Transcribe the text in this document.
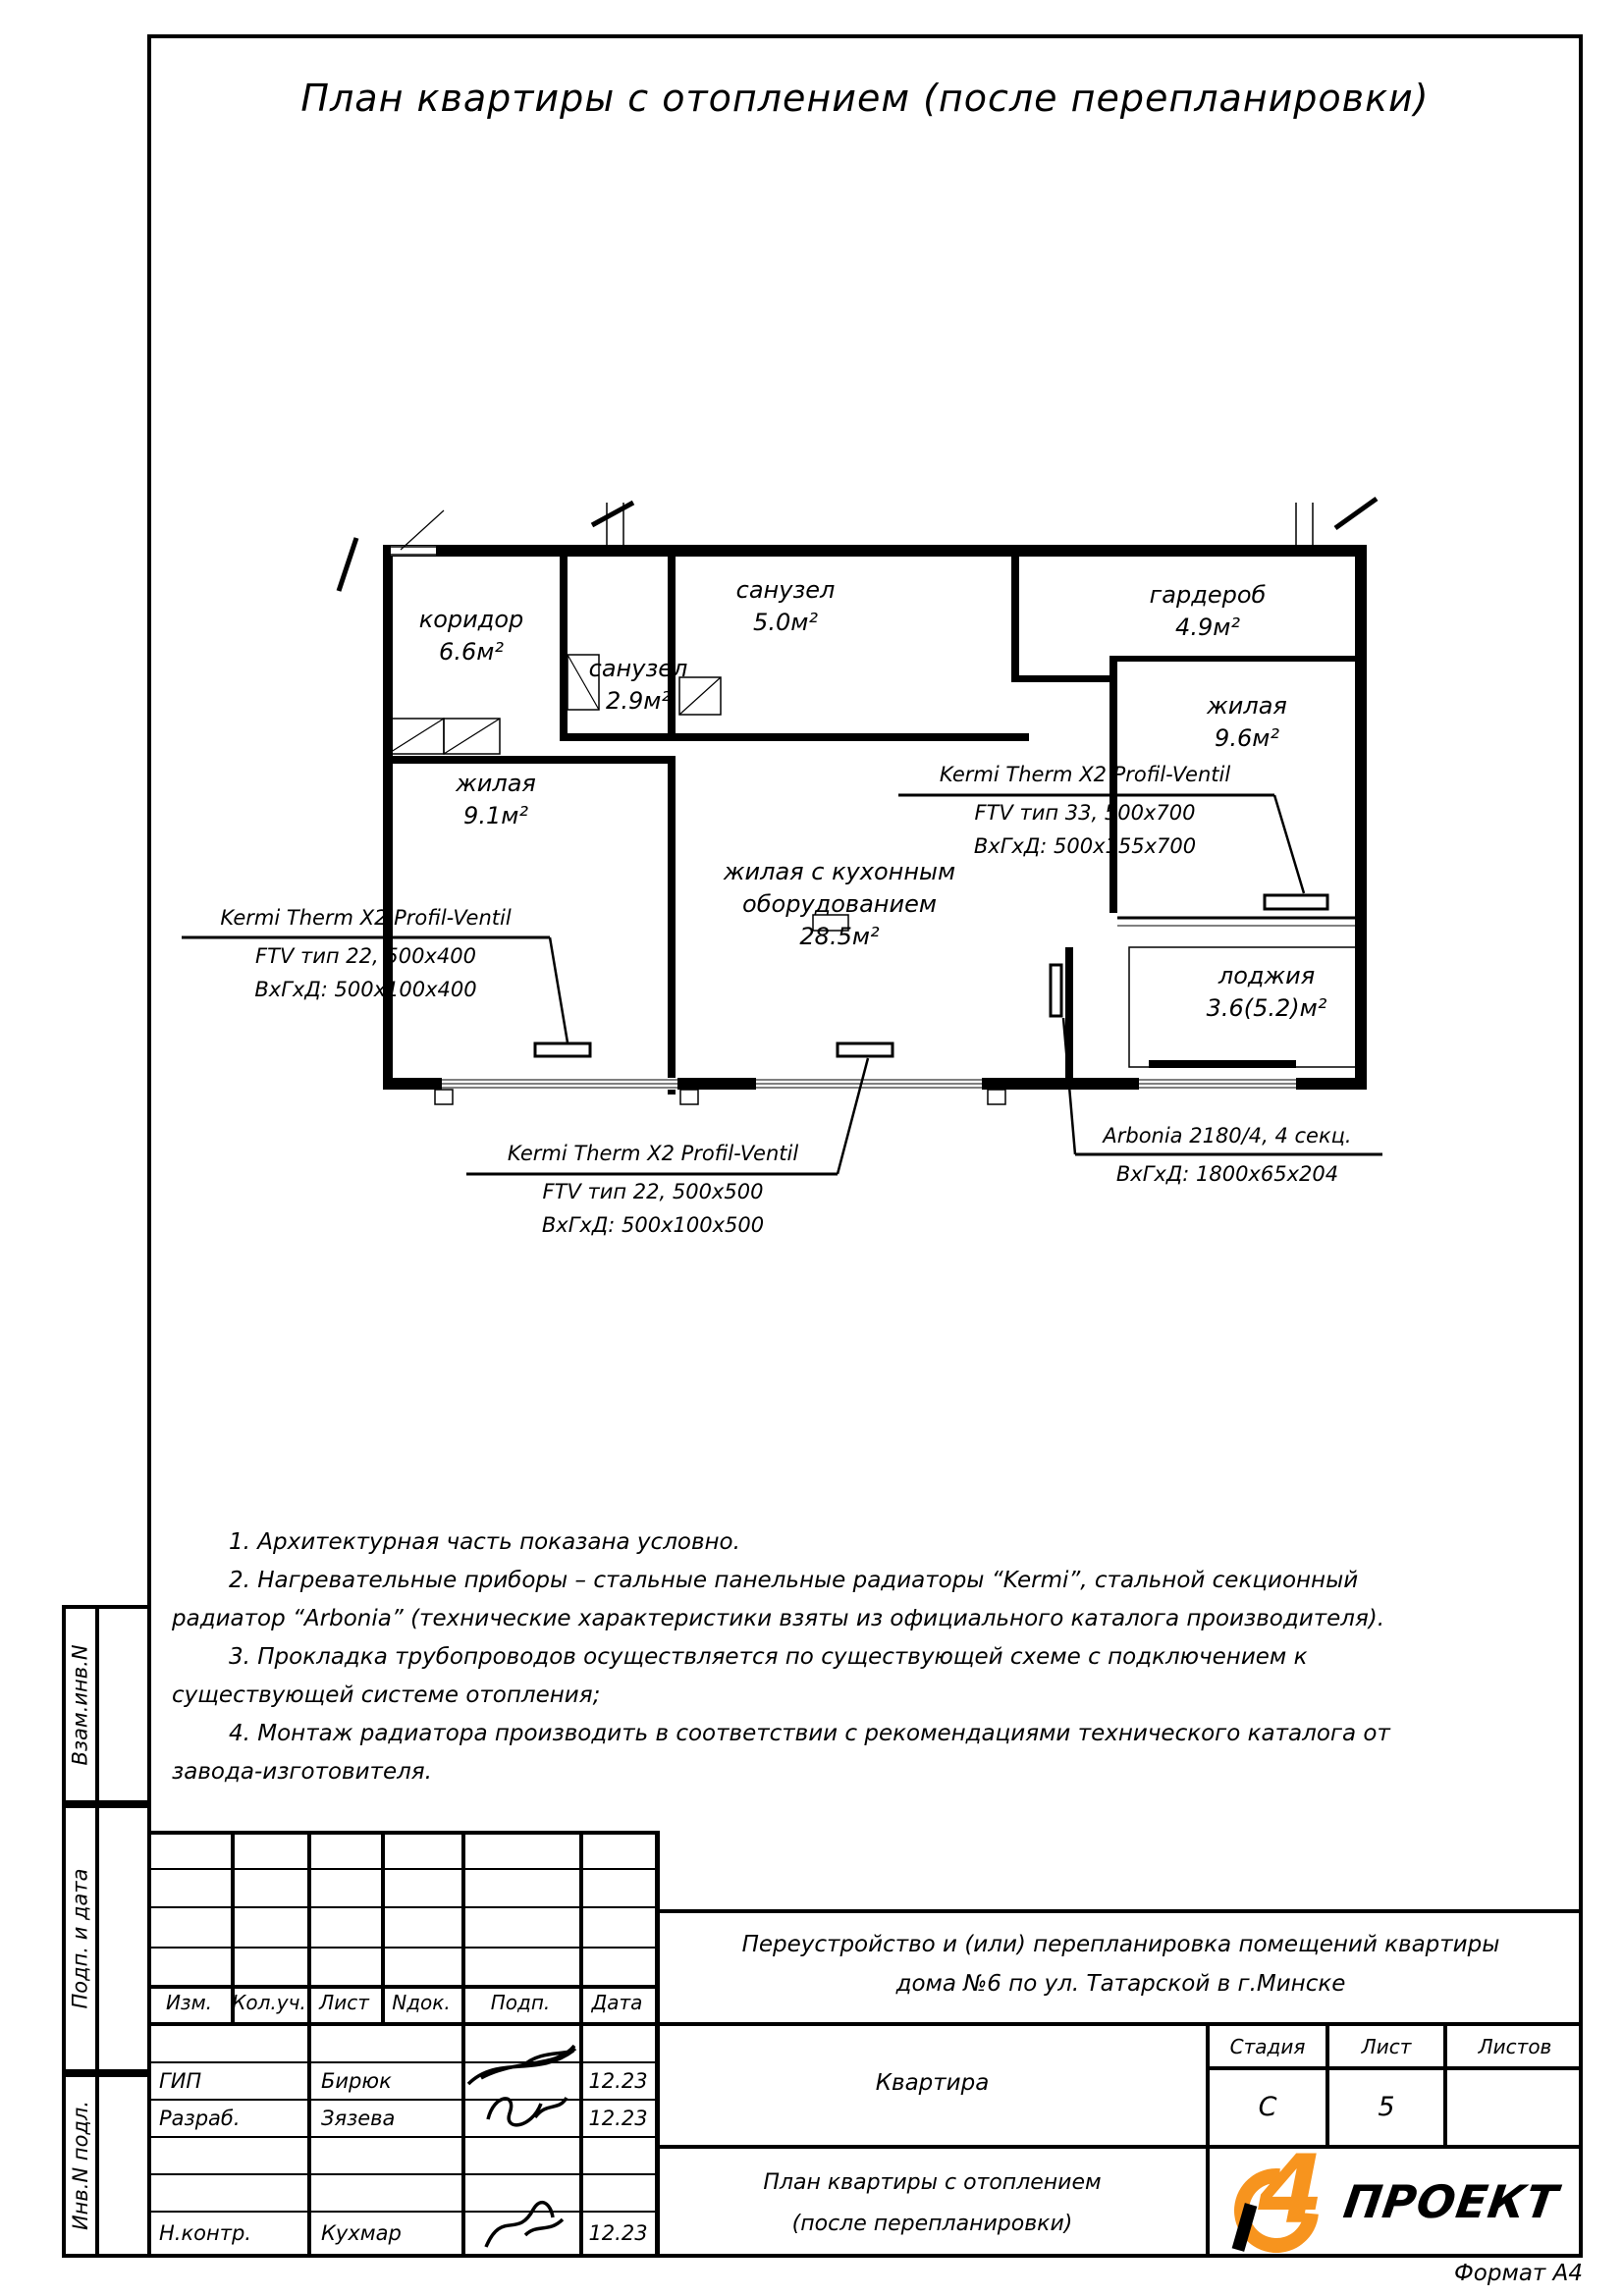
План квартиры с отоплением (после перепланировки)
коридор
6.6м²
санузел
2.9м²
санузел
5.0м²
гардероб
4.9м²
жилая
9.6м²
жилая
9.1м²
жилая с кухонным оборудованием
28.5м²
лоджия
3.6(5.2)м²
Kermi Therm X2 Profil-Ventil
FTV тип 22, 500х400
ВхГхД: 500х100х400
Kermi Therm X2 Profil-Ventil
FTV тип 33, 500х700
ВхГхД: 500х155х700
Kermi Therm X2 Profil-Ventil
FTV тип 22, 500х500
ВхГхД: 500х100х500
Arbonia 2180/4, 4 секц.
ВхГхД: 1800х65х204

1. Архитектурная часть показана условно.

2. Нагревательные приборы – стальные панельные радиаторы “Kermi”, стальной секционный радиатор “Arbonia” (технические характеристики взяты из официального каталога производителя).

3. Прокладка трубопроводов осуществляется по существующей схеме с подключением к существующей системе отопления;

4. Монтаж радиатора производить в соответствии с рекомендациями технического каталога от завода-изготовителя.

Изм.	Кол.уч. Лист	Nдок.	Подп.	Дата
ГИП	Бирюк	12.23
Разраб.	Зязева	12.23
Н.контр.	Кухмар	12.23
Переустройство и (или) перепланировка помещений квартиры
дома №6 по ул. Татарской в г.Минске
Квартира
Стадия	Лист	Листов
С	5
План квартиры с отоплением
(после перепланировки)	4 ПРОЕКТ
Взам.инв.N
Подп. и дата
Инв.N подл.
Формат А4
